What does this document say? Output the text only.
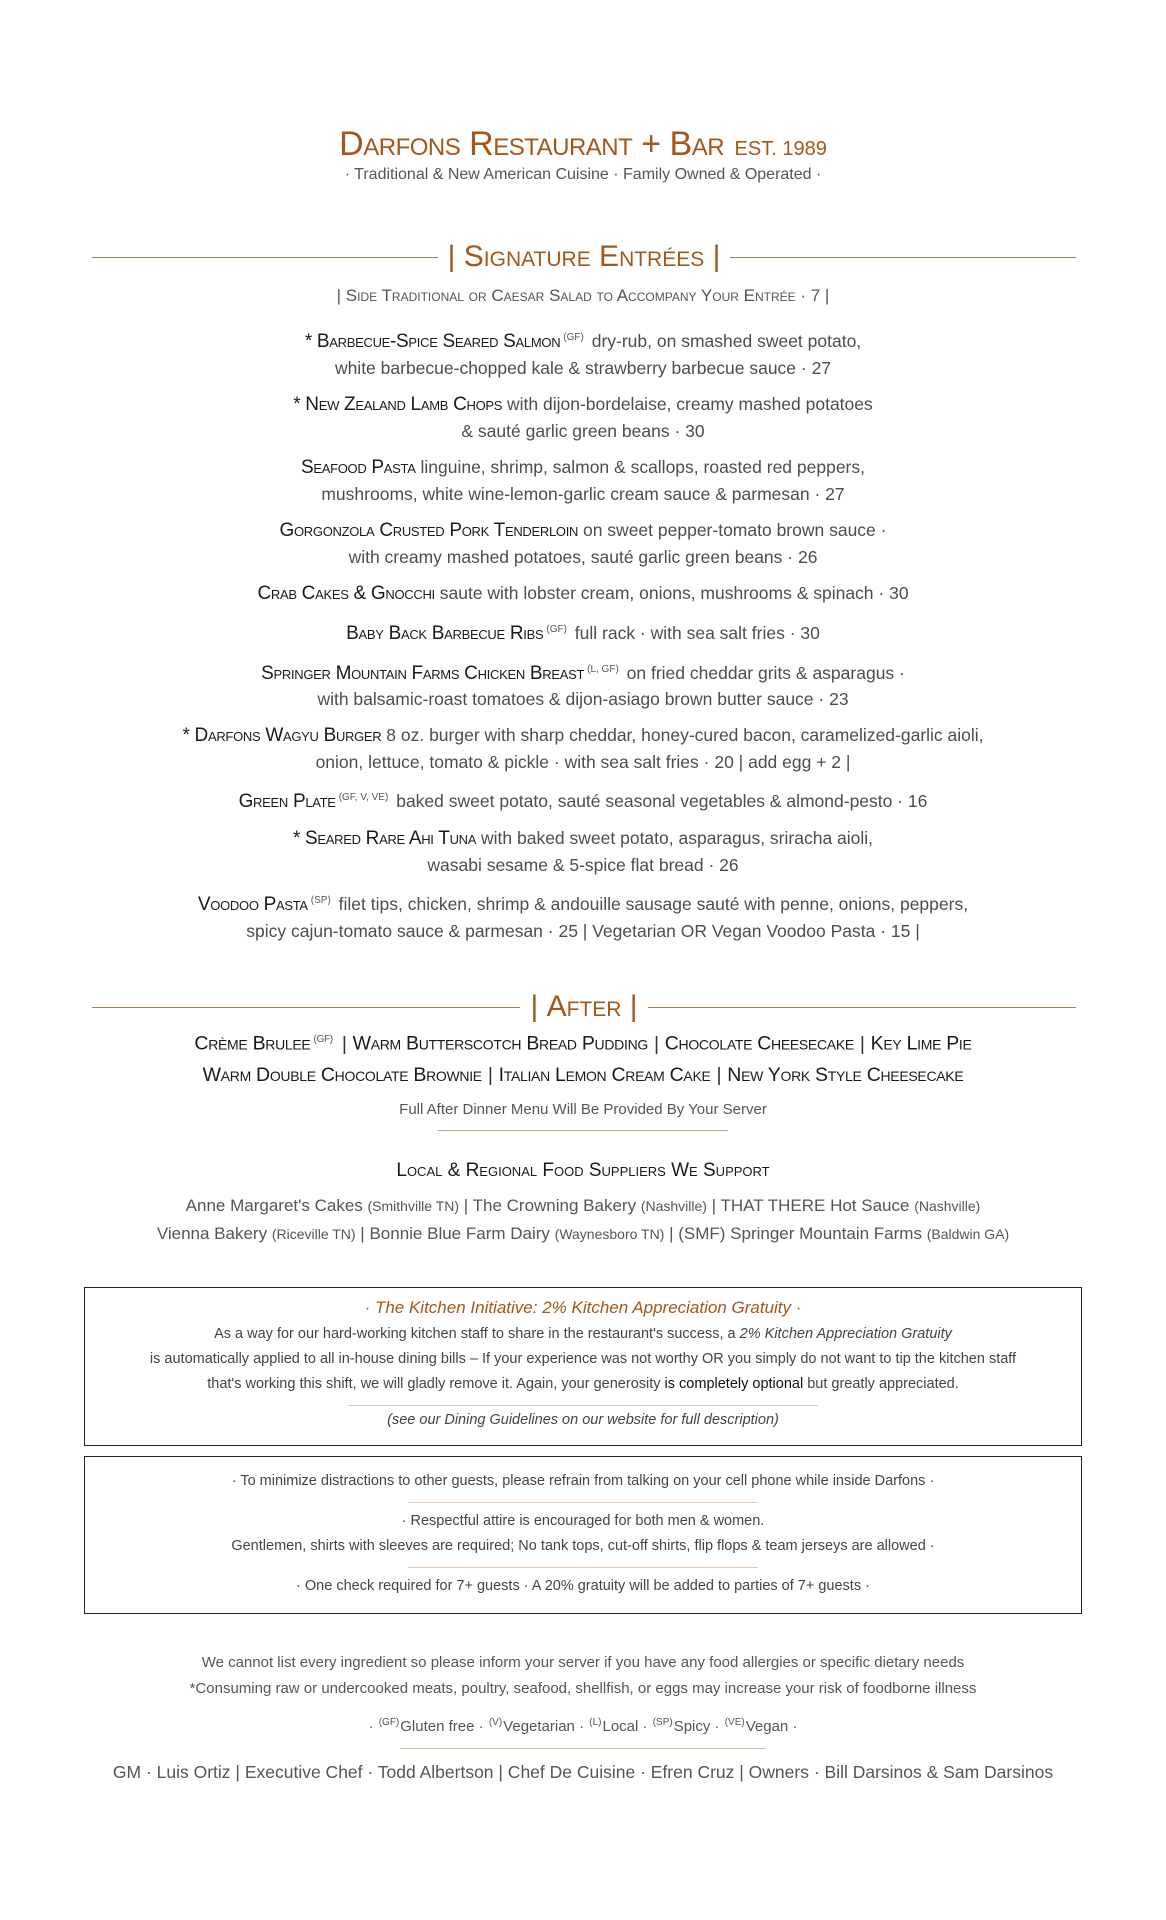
Darfons Restaurant + Bar EST. 1989
· Traditional & New American Cuisine · Family Owned & Operated ·
| Signature Entrées |
| Side Traditional or Caesar Salad to Accompany Your Entrée · 7 |
* Barbecue-Spice Seared Salmon $^{(GF)}$ dry-rub, on smashed sweet potato,
white barbecue-chopped kale & strawberry barbecue sauce · 27
* New Zealand Lamb Chops with dijon-bordelaise, creamy mashed potatoes
& sauté garlic green beans · 30
Seafood Pasta linguine, shrimp, salmon & scallops, roasted red peppers,
mushrooms, white wine-lemon-garlic cream sauce & parmesan · 27
Gorgonzola Crusted Pork Tenderloin on sweet pepper-tomato brown sauce ·
with creamy mashed potatoes, sauté garlic green beans · 26
Crab Cakes & Gnocchi saute with lobster cream, onions, mushrooms & spinach · 30
Baby Back Barbecue Ribs $^{(GF)}$ full rack · with sea salt fries · 30
Springer Mountain Farms Chicken Breast $^{(L, GF)}$ on fried cheddar grits & asparagus ·
with balsamic-roast tomatoes & dijon-asiago brown butter sauce · 23
* Darfons Wagyu Burger 8 oz. burger with sharp cheddar, honey-cured bacon, caramelized-garlic aioli,
onion, lettuce, tomato & pickle · with sea salt fries · 20 | add egg + 2 |
Green Plate $^{(GF, V, VE)}$ baked sweet potato, sauté seasonal vegetables & almond-pesto · 16
* Seared Rare Ahi Tuna with baked sweet potato, asparagus, sriracha aioli,
wasabi sesame & 5-spice flat bread · 26
Voodoo Pasta $^{(SP)}$ filet tips, chicken, shrimp & andouille sausage sauté with penne, onions, peppers,
spicy cajun-tomato sauce & parmesan · 25 | Vegetarian OR Vegan Voodoo Pasta · 15 |
| After |
Crème Brulee $^{(GF)}$ | Warm Butterscotch Bread Pudding | Chocolate Cheesecake | Key Lime Pie
Warm Double Chocolate Brownie | Italian Lemon Cream Cake | New York Style Cheesecake
Full After Dinner Menu Will Be Provided By Your Server
Local & Regional Food Suppliers We Support
Anne Margaret's Cakes (Smithville TN) | The Crowning Bakery (Nashville) | THAT THERE Hot Sauce (Nashville)
Vienna Bakery (Riceville TN) | Bonnie Blue Farm Dairy (Waynesboro TN) | (SMF) Springer Mountain Farms (Baldwin GA)
· The Kitchen Initiative: 2% Kitchen Appreciation Gratuity ·
As a way for our hard-working kitchen staff to share in the restaurant's success, a 2% Kitchen Appreciation Gratuity
is automatically applied to all in-house dining bills – If your experience was not worthy OR you simply do not want to tip the kitchen staff
that's working this shift, we will gladly remove it. Again, your generosity is completely optional but greatly appreciated.
(see our Dining Guidelines on our website for full description)
· To minimize distractions to other guests, please refrain from talking on your cell phone while inside Darfons ·
· Respectful attire is encouraged for both men & women.
Gentlemen, shirts with sleeves are required; No tank tops, cut-off shirts, flip flops & team jerseys are allowed ·
· One check required for 7+ guests · A 20% gratuity will be added to parties of 7+ guests ·
We cannot list every ingredient so please inform your server if you have any food allergies or specific dietary needs
*Consuming raw or undercooked meats, poultry, seafood, shellfish, or eggs may increase your risk of foodborne illness
· $^{(GF)}$Gluten free · $^{(V)}$Vegetarian · $^{(L)}$Local · $^{(SP)}$Spicy · $^{(VE)}$Vegan ·
GM · Luis Ortiz | Executive Chef · Todd Albertson | Chef De Cuisine · Efren Cruz | Owners · Bill Darsinos & Sam Darsinos
